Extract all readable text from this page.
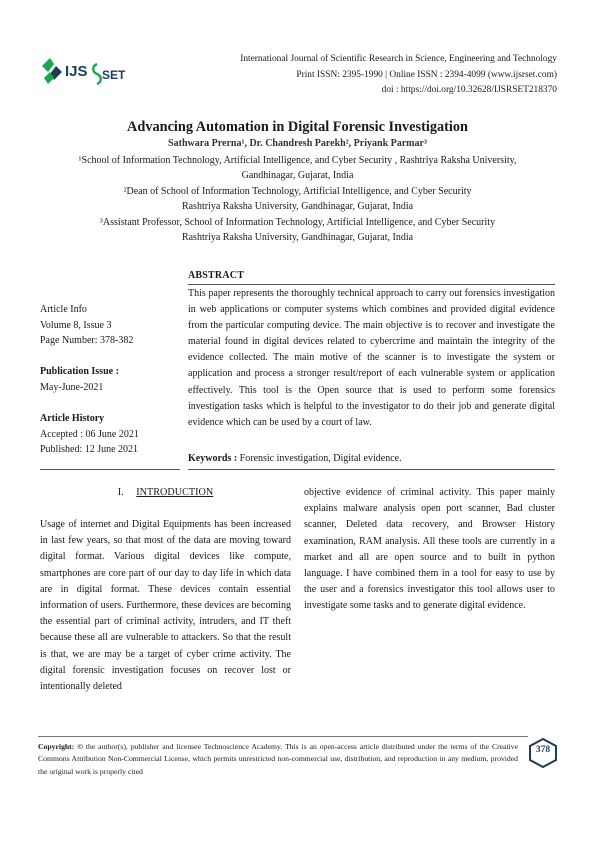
IJS SET
International Journal of Scientific Research in Science, Engineering and Technology
Print ISSN: 2395-1990 | Online ISSN : 2394-4099 (www.ijsrset.com)
doi : https://doi.org/10.32628/IJSRSET218370
Advancing Automation in Digital Forensic Investigation
Sathwara Prerna¹, Dr. Chandresh Parekh², Priyank Parmar³
¹School of Information Technology, Artificial Intelligence, and Cyber Security , Rashtriya Raksha University,
Gandhinagar, Gujarat, India
²Dean of School of Information Technology, Artificial Intelligence, and Cyber Security
Rashtriya Raksha University, Gandhinagar, Gujarat, India
³Assistant Professor, School of Information Technology, Artificial Intelligence, and Cyber Security
Rashtriya Raksha University, Gandhinagar, Gujarat, India
ABSTRACT
Article Info
Volume 8, Issue 3
Page Number: 378-382
Publication Issue :
May-June-2021
Article History
Accepted : 06 June 2021
Published: 12 June 2021
This paper represents the thoroughly technical approach to carry out forensics investigation in web applications or computer systems which combines and provided digital evidence from the particular computing device. The main objective is to recover and investigate the material found in digital devices related to cybercrime and maintain the integrity of the evidence collected. The main motive of the scanner is to investigate the system or application and process a stronger result/report of each vulnerable system or application effectively. This tool is the Open source that is used to perform some forensics investigation tasks which is helpful to the investigator to do their job and generate digital evidence which can be used by a court of law.
Keywords : Forensic investigation, Digital evidence.
I. INTRODUCTION
Usage of internet and Digital Equipments has been increased in last few years, so that most of the data are moving toward digital format. Various digital devices like compute, smartphones are core part of our day to day life in which data are in digital format. These devices contain essential information of users. Furthermore, these devices are becoming the essential part of criminal activity, intruders, and IT theft because these all are vulnerable to attackers. So that the result is that, we are may be a target of cyber crime activity. The digital forensic investigation focuses on recover lost or intentionally deleted
objective evidence of criminal activity. This paper mainly explains malware analysis open port scanner, Bad cluster scanner, Deleted data recovery, and Browser History examination, RAM analysis. All these tools are currently in a market and all are open source and to built in python language. I have combined them in a tool for easy to use by the user and a forensics investigator this tool allows user to investigate some tasks and to generate digital evidence.
Copyright: © the author(s), publisher and licensee Technoscience Academy. This is an open-access article distributed under the terms of the Creative Commons Attribution Non-Commercial License, which permits unrestricted non-commercial use, distribution, and reproduction in any medium, provided the original work is properly cited
378
